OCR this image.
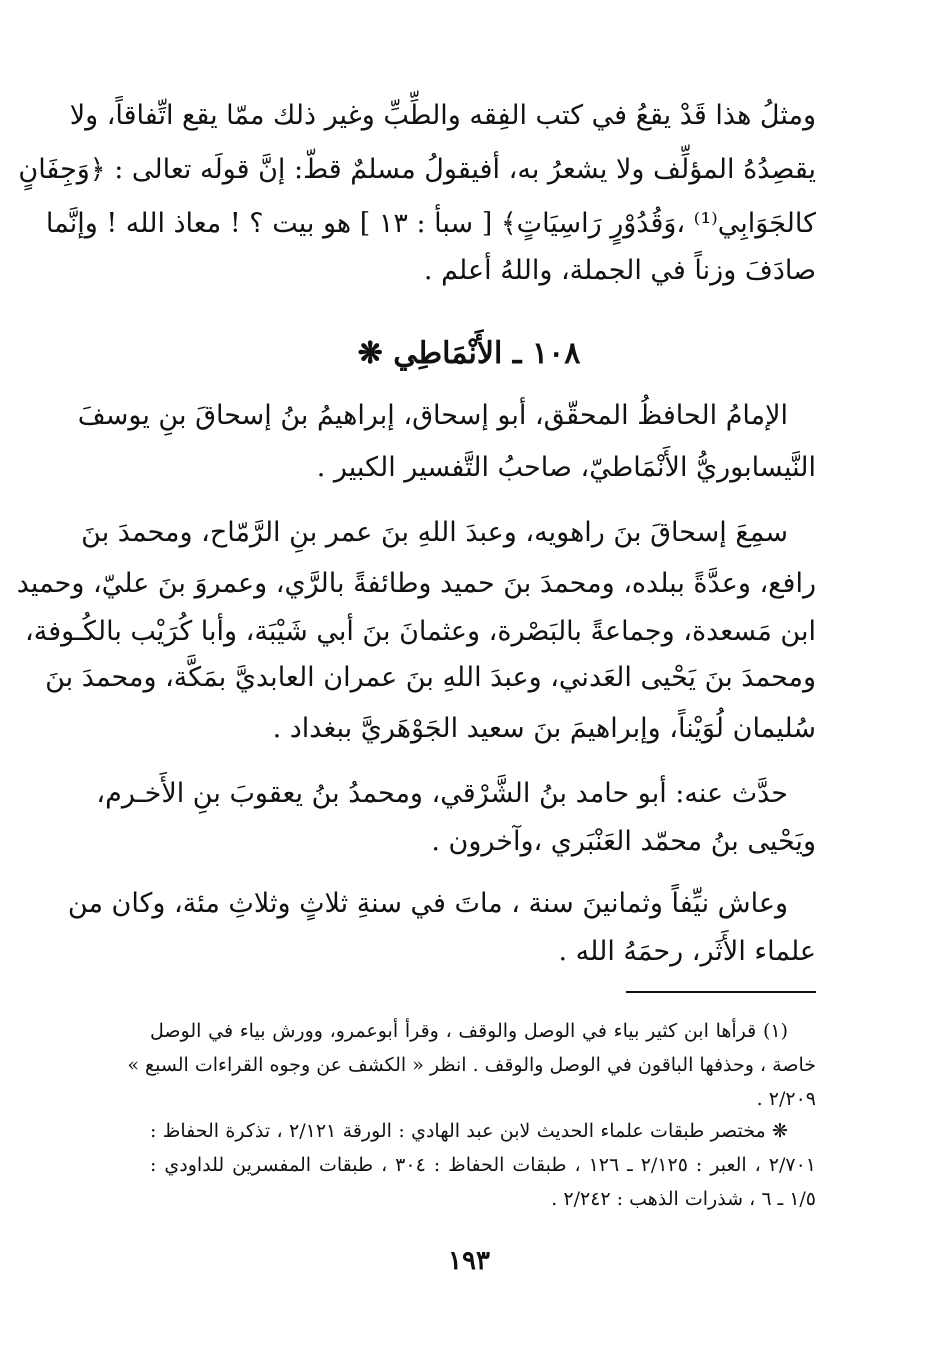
ومثلُ هذا قَدْ يقعُ في كتب الفِقه والطِّبِّ وغير ذلك ممّا يقع اتِّفاقاً، ولا
يقصِدُهُ المؤلِّف ولا يشعرُ به، أفيقولُ مسلمٌ قطّ: إنَّ قولَه تعالى : ﴿وَجِفَانٍ
كالجَوَابِي⁽¹⁾ ،وَقُدُوْرٍ رَاسِيَاتٍ﴾ [ سبأ : ١٣ ] هو بيت ؟ ! معاذ الله ! وإنَّما
صادَفَ وزناً في الجملة، واللهُ أعلم .
١٠٨ ـ الأَنْمَاطِي ❋
الإمامُ الحافظُ المحقّق، أبو إسحاق، إبراهيمُ بنُ إسحاقَ بنِ يوسفَ
النَّيسابوريُّ الأَنْمَاطيّ، صاحبُ التَّفسير الكبير .
سمِعَ إسحاقَ بنَ راهويه، وعبدَ اللهِ بنَ عمر بنِ الرَّمّاح، ومحمدَ بنَ
رافع، وعدَّةً ببلده، ومحمدَ بنَ حميد وطائفةً بالرَّي، وعمروَ بنَ عليّ، وحميد
ابن مَسعدة، وجماعةً بالبَصْرة، وعثمانَ بنَ أبي شَيْبَة، وأبا كُرَيْب بالكُـوفة،
ومحمدَ بنَ يَحْيى العَدني، وعبدَ اللهِ بنَ عمران العابديَّ بمَكَّة، ومحمدَ بنَ
سُليمان لُوَيْناً، وإبراهيمَ بنَ سعيد الجَوْهَريَّ ببغداد .
حدَّث عنه: أبو حامد بنُ الشَّرْقي، ومحمدُ بنُ يعقوبَ بنِ الأَخـرم،
ويَحْيى بنُ محمّد العَنْبَري ،وآخرون .
وعاش نيِّفاً وثمانينَ سنة ، ماتَ في سنةِ ثلاثٍ وثلاثِ مئة، وكان من
علماء الأَثَر، رحمَهُ الله .
(١) قرأها ابن كثير بياء في الوصل والوقف ، وقرأ أبوعمرو، وورش بياء في الوصل
خاصة ، وحذفها الباقون في الوصل والوقف . انظر « الكشف عن وجوه القراءات السبع »
٢/٢٠٩ .
❋ مختصر طبقات علماء الحديث لابن عبد الهادي : الورقة ٢/١٢١ ، تذكرة الحفاظ :
٢/٧٠١ ، العبر : ٢/١٢٥ ـ ١٢٦ ، طبقات الحفاظ : ٣٠٤ ، طبقات المفسرين للداودي :
١/٥ ـ ٦ ، شذرات الذهب : ٢/٢٤٢ .
١٩٣
